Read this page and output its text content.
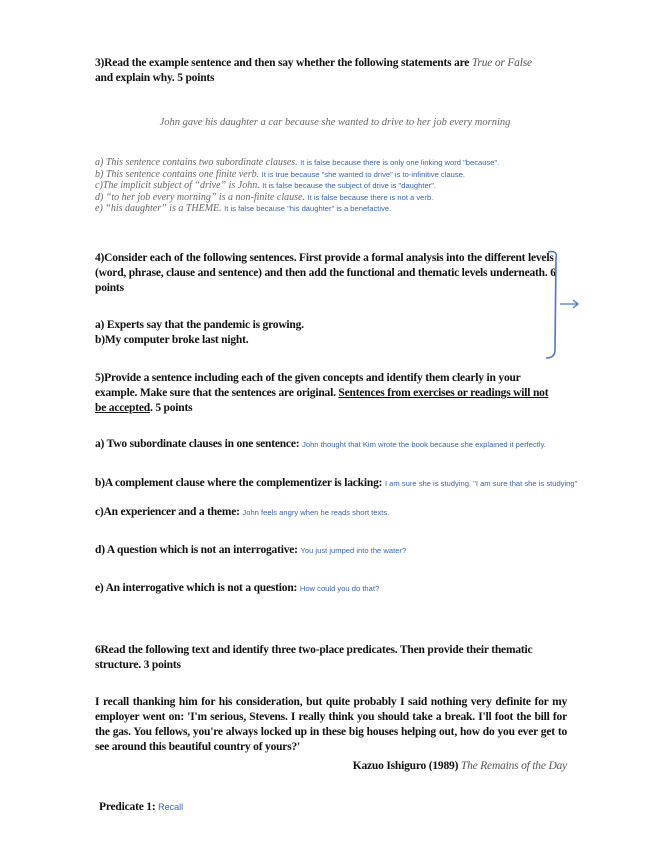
3)Read the example sentence and then say whether the following statements are True or False
and explain why. 5 points
John gave his daughter a car because she wanted to drive to her job every morning
a) This sentence contains two subordinate clauses. It is false because there is only one linking word "because".
b) This sentence contains one finite verb. It is true because "she wanted to drive" is to-infinitive clause.
c)The implicit subject of “drive” is John. It is false because the subject of drive is "daughter".
d) “to her job every morning” is a non-finite clause. It is false because there is not a verb.
e) “his daughter” is a THEME. It is false because "his daughter" is a benefactive.
4)Consider each of the following sentences. First provide a formal analysis into the different levels (word, phrase, clause and sentence) and then add the functional and thematic levels underneath. 6 points
a) Experts say that the pandemic is growing.
b)My computer broke last night.
5)Provide a sentence including each of the given concepts and identify them clearly in your example. Make sure that the sentences are original. Sentences from exercises or readings will not be accepted. 5 points
a) Two subordinate clauses in one sentence: John thought that Kim wrote the book because she explained it perfectly.
b)A complement clause where the complementizer is lacking: I am sure she is studying. "I am sure that she is studying"
c)An experiencer and a theme: John feels angry when he reads short texts.
d) A question which is not an interrogative: You just jumped into the water?
e) An interrogative which is not a question: How could you do that?
6Read the following text and identify three two-place predicates. Then provide their thematic structure. 3 points
I recall thanking him for his consideration, but quite probably I said nothing very definite for my employer went on: 'I'm serious, Stevens. I really think you should take a break. I'll foot the bill for the gas. You fellows, you're always locked up in these big houses helping out, how do you ever get to see around this beautiful country of yours?'
Kazuo Ishiguro (1989) The Remains of the Day
Predicate 1: Recall
